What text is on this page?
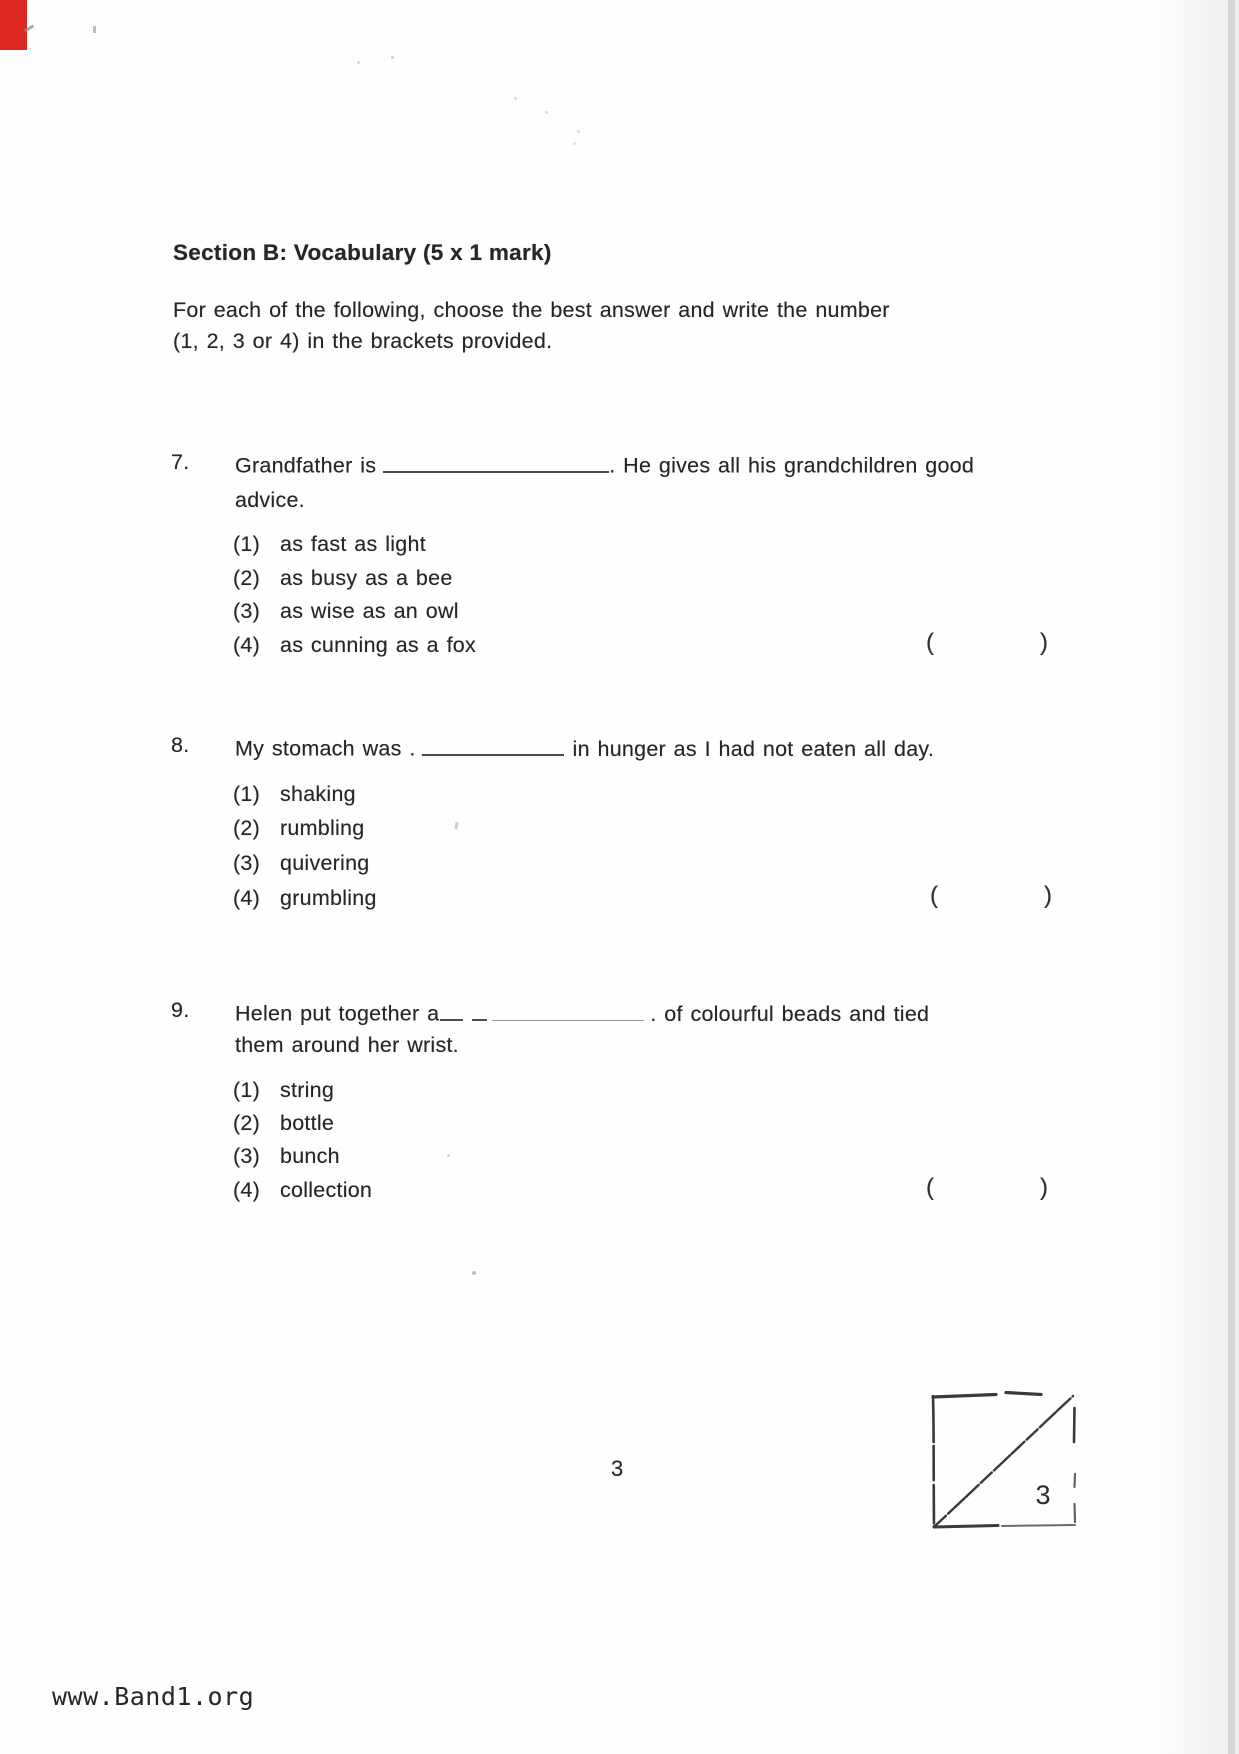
Section B: Vocabulary (5 x 1 mark)
For each of the following, choose the best answer and write the number
(1, 2, 3 or 4) in the brackets provided.
7. Grandfather is	. He gives all his grandchildren good
advice.
(1) as fast as light
(2) as busy as a bee
(3) as wise as an owl
(4) as cunning as a fox	(	)
8. My stomach was .	in hunger as I had not eaten all day.
(1) shaking
(2) rumbling
(3) quivering
(4) grumbling	(	)
9. Helen put together a	. of colourful beads and tied
them around her wrist.
(1) string
(2) bottle
(3) bunch
(4) collection	(	)
3
3
www.Band1.org
